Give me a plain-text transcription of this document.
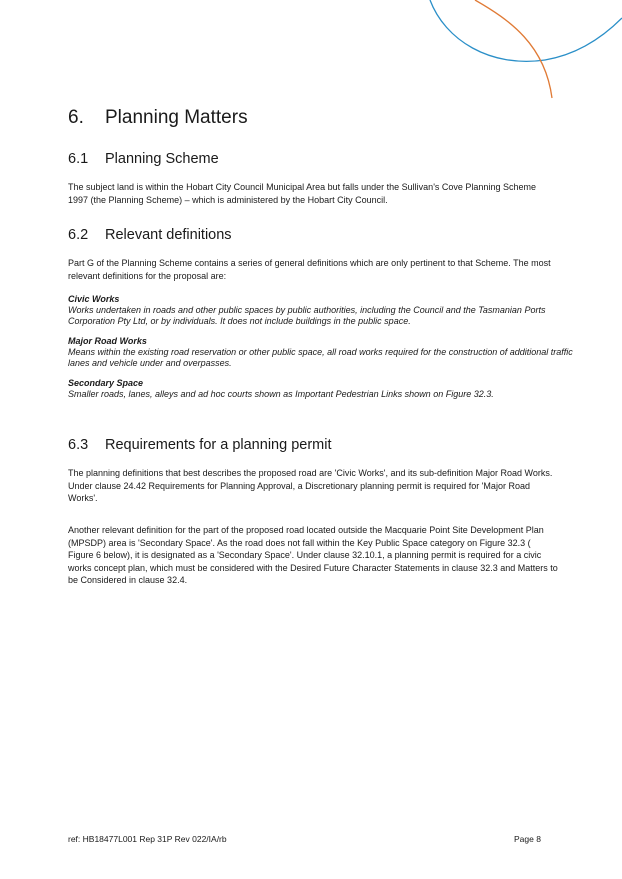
6. Planning Matters
6.1 Planning Scheme
The subject land is within the Hobart City Council Municipal Area but falls under the Sullivan's Cove Planning Scheme 1997 (the Planning Scheme) – which is administered by the Hobart City Council.
6.2 Relevant definitions
Part G of the Planning Scheme contains a series of general definitions which are only pertinent to that Scheme. The most relevant definitions for the proposal are:
Civic Works
Works undertaken in roads and other public spaces by public authorities, including the Council and the Tasmanian Ports Corporation Pty Ltd, or by individuals. It does not include buildings in the public space.
Major Road Works
Means within the existing road reservation or other public space, all road works required for the construction of additional traffic lanes and vehicle under and overpasses.
Secondary Space
Smaller roads, lanes, alleys and ad hoc courts shown as Important Pedestrian Links shown on Figure 32.3.
6.3 Requirements for a planning permit
The planning definitions that best describes the proposed road are 'Civic Works', and its sub-definition Major Road Works. Under clause 24.42 Requirements for Planning Approval, a Discretionary planning permit is required for 'Major Road Works'.
Another relevant definition for the part of the proposed road located outside the Macquarie Point Site Development Plan (MPSDP) area is 'Secondary Space'. As the road does not fall within the Key Public Space category on Figure 32.3 ( Figure 6 below), it is designated as a 'Secondary Space'. Under clause 32.10.1, a planning permit is required for a civic works concept plan, which must be considered with the Desired Future Character Statements in clause 32.3 and Matters to be Considered in clause 32.4.
ref: HB18477L001 Rep 31P Rev 022/IA/rb	Page 8
